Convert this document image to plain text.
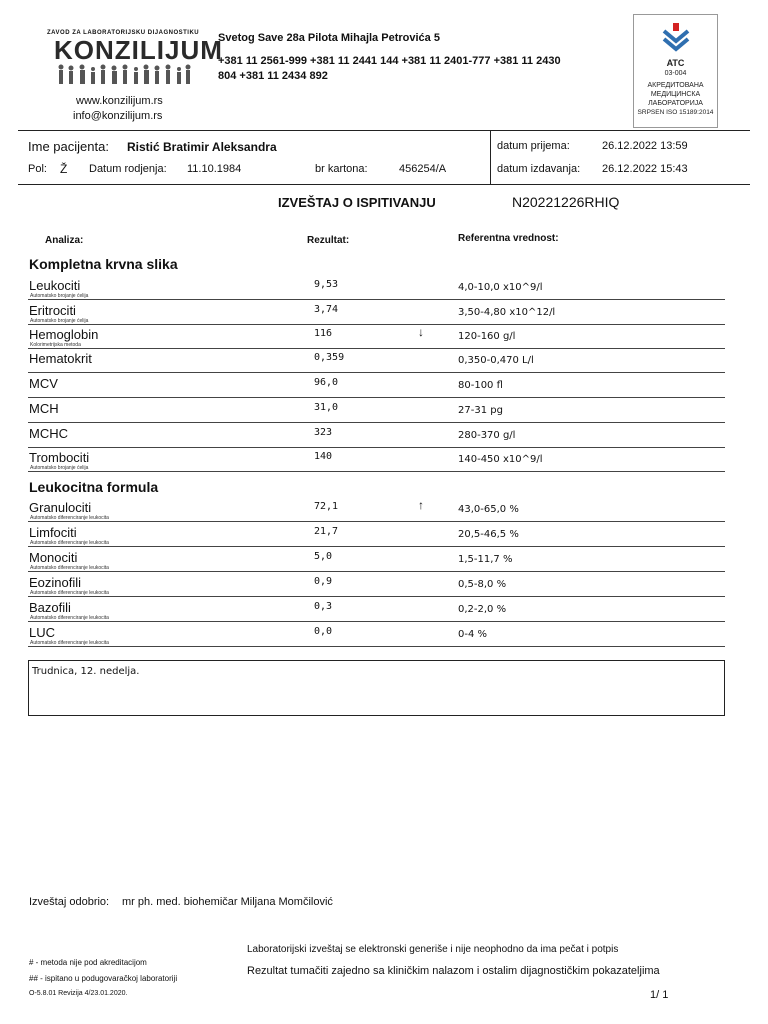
ZAVOD ZA LABORATORIJSKU DIJAGNOSTIKU
KONZILIJUM
www.konzilijum.rs
info@konzilijum.rs
Svetog Save 28a Pilota Mihajla Petrovića 5
+381 11 2561-999 +381 11 2441 144 +381 11 2401-777 +381 11 2430
804 +381 11 2434 892
ATC
03-004
АКРЕДИТОВАНА
МЕДИЦИНСКА
ЛАБОРАТОРИЈА
SRPSEN ISO 15189:2014
Ime pacijenta: Ristić Bratimir Aleksandra
Pol: Ž Datum rodjenja: 11.10.1984	br kartona:	456254/A
datum prijema:	26.12.2022 13:59
datum izdavanja: 26.12.2022 15:43
IZVEŠTAJ O ISPITIVANJU	N20221226RHIQ
Analiza:	Rezultat:	Referentna vrednost:
Kompletna krvna slika
Leukociti
Automatsko brojanje ćelija
9,53	4,0-10,0 x10^9/l
Eritrociti
Automatsko brojanje ćelija
3,74	3,50-4,80 x10^12/l
Hemoglobin
Kolorimetrijska metoda
116	↓	120-160 g/l
Hematokrit	0,359	0,350-0,470 L/l
MCV	96,0	80-100 fl
MCH	31,0	27-31 pg
MCHC	323	280-370 g/l
Trombociti
Automatsko brojanje ćelija
140	140-450 x10^9/l
Leukocitna formula
Granulociti
Automatsko diferenciranje leukocita
72,1	↑	43,0-65,0 %
Limfociti
Automatsko diferenciranje leukocita
21,7	20,5-46,5 %
Monociti
Automatsko diferenciranje leukocita
5,0	1,5-11,7 %
Eozinofili
Automatsko diferenciranje leukocita
0,9	0,5-8,0 %
Bazofili
Automatsko diferenciranje leukocita
0,3	0,2-2,0 %
LUC
Automatsko diferenciranje leukocita
0,0	0-4 %
Trudnica, 12. nedelja.
Izveštaj odobrio: mr ph. med. biohemičar Miljana Momčilović
# - metoda nije pod akreditacijom
## - ispitano u podugovaračkoj laboratoriji
O-5.8.01 Revizija 4/23.01.2020.
Laboratorijski izveštaj se elektronski generiše i nije neophodno da ima pečat i potpis
Rezultat tumačiti zajedno sa kliničkim nalazom i ostalim dijagnostičkim pokazateljima
1/ 1
